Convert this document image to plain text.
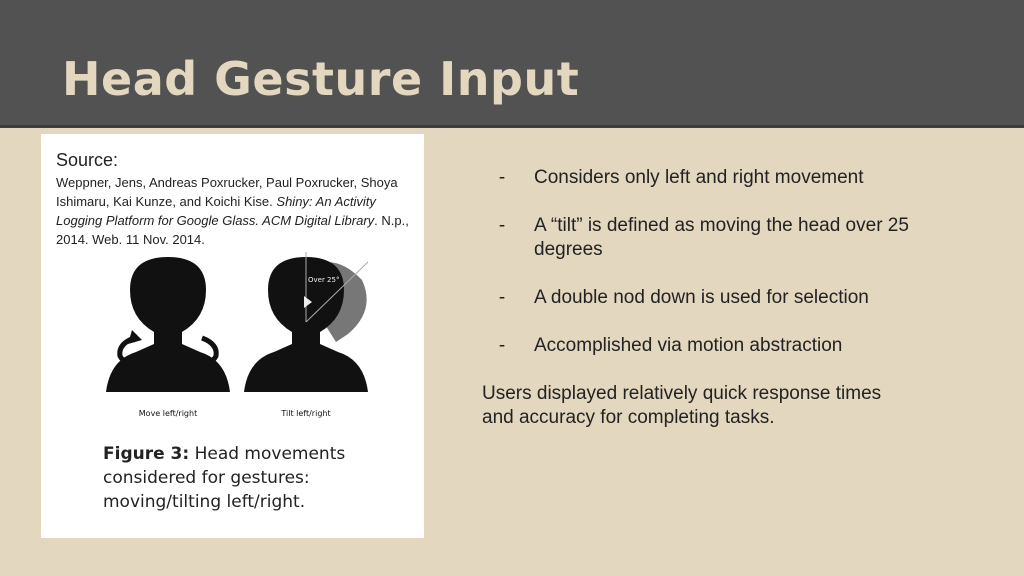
Head Gesture Input
Source:
Weppner, Jens, Andreas Poxrucker, Paul Poxrucker, Shoya Ishimaru, Kai Kunze, and Koichi Kise. Shiny: An Activity Logging Platform for Google Glass. ACM Digital Library. N.p., 2014. Web. 11 Nov. 2014.
Move left/right
Over 25°
Tilt left/right
Figure 3: Head movements
considered for gestures:
moving/tilting left/right.
- Considers only left and right movement
- A “tilt” is defined as moving the head over 25 degrees
- A double nod down is used for selection
- Accomplished via motion abstraction

Users displayed relatively quick response times and accuracy for completing tasks.
